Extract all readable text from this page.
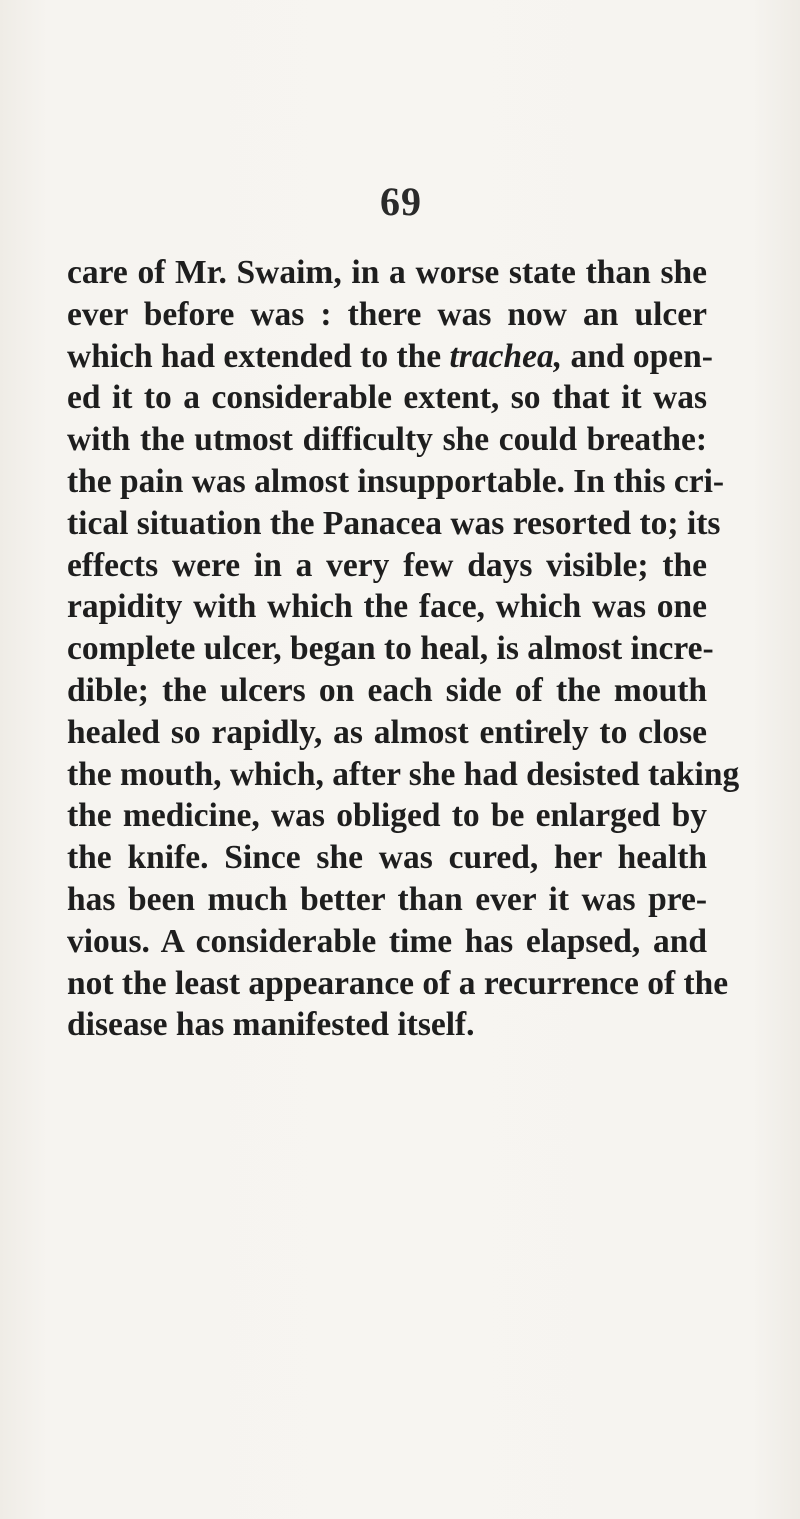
69

care of Mr. Swaim, in a worse state than she
ever before was : there was now an ulcer
which had extended to the trachea, and open-
ed it to a considerable extent, so that it was
with the utmost difficulty she could breathe:
the pain was almost insupportable. In this cri-
tical situation the Panacea was resorted to; its
effects were in a very few days visible; the
rapidity with which the face, which was one
complete ulcer, began to heal, is almost incre-
dible; the ulcers on each side of the mouth
healed so rapidly, as almost entirely to close
the mouth, which, after she had desisted taking
the medicine, was obliged to be enlarged by
the knife. Since she was cured, her health
has been much better than ever it was pre-
vious. A considerable time has elapsed, and
not the least appearance of a recurrence of the
disease has manifested itself.
